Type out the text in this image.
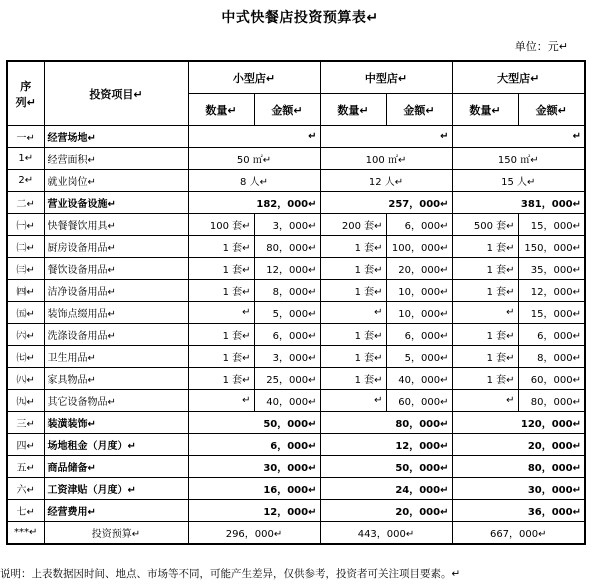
中式快餐店投资预算表↵
单位：元↵
序
列↵	投资项目↵	小型店↵		中型店↵		大型店↵	
		数量↵	金额↵	数量↵	金额↵	数量↵	金额↵
一↵	经营场地↵	↵		↵		↵	
1↵	经营面积↵	50 ㎡↵		100 ㎡↵		150 ㎡↵	
2↵	就业岗位↵	8 人↵		12 人↵		15 人↵	
二↵	营业设备设施↵	182，000↵		257，000↵		381，000↵	
㈠↵	快餐餐饮用具↵	100 套↵	3，000↵	200 套↵	6，000↵	500 套↵	15，000↵
㈡↵	厨房设备用品↵	1 套↵	80，000↵	1 套↵	100，000↵	1 套↵	150，000↵
㈢↵	餐饮设备用品↵	1 套↵	12，000↵	1 套↵	20，000↵	1 套↵	35，000↵
㈣↵	洁净设备用品↵	1 套↵	8，000↵	1 套↵	10，000↵	1 套↵	12，000↵
㈤↵	装饰点缀用品↵	↵	5，000↵	↵	10，000↵	↵	15，000↵
㈥↵	洗涤设备用品↵	1 套↵	6，000↵	1 套↵	6，000↵	1 套↵	6，000↵
㈦↵	卫生用品↵	1 套↵	3，000↵	1 套↵	5，000↵	1 套↵	8，000↵
㈧↵	家具物品↵	1 套↵	25，000↵	1 套↵	40，000↵	1 套↵	60，000↵
㈨↵	其它设备物品↵	↵	40，000↵	↵	60，000↵	↵	80，000↵
三↵	装潢装饰↵	50，000↵		80，000↵		120，000↵	
四↵	场地租金（月度）↵	6，000↵		12，000↵		20，000↵	
五↵	商品储备↵	30，000↵		50，000↵		80，000↵	
六↵	工资津贴（月度）↵	16，000↵		24，000↵		30，000↵	
七↵	经营费用↵	12，000↵		20，000↵		36，000↵	
***↵	投资预算↵	296，000↵		443，000↵		667，000↵	
说明：上表数据因时间、地点、市场等不同，可能产生差异，仅供参考，投资者可关注项目要素。↵
